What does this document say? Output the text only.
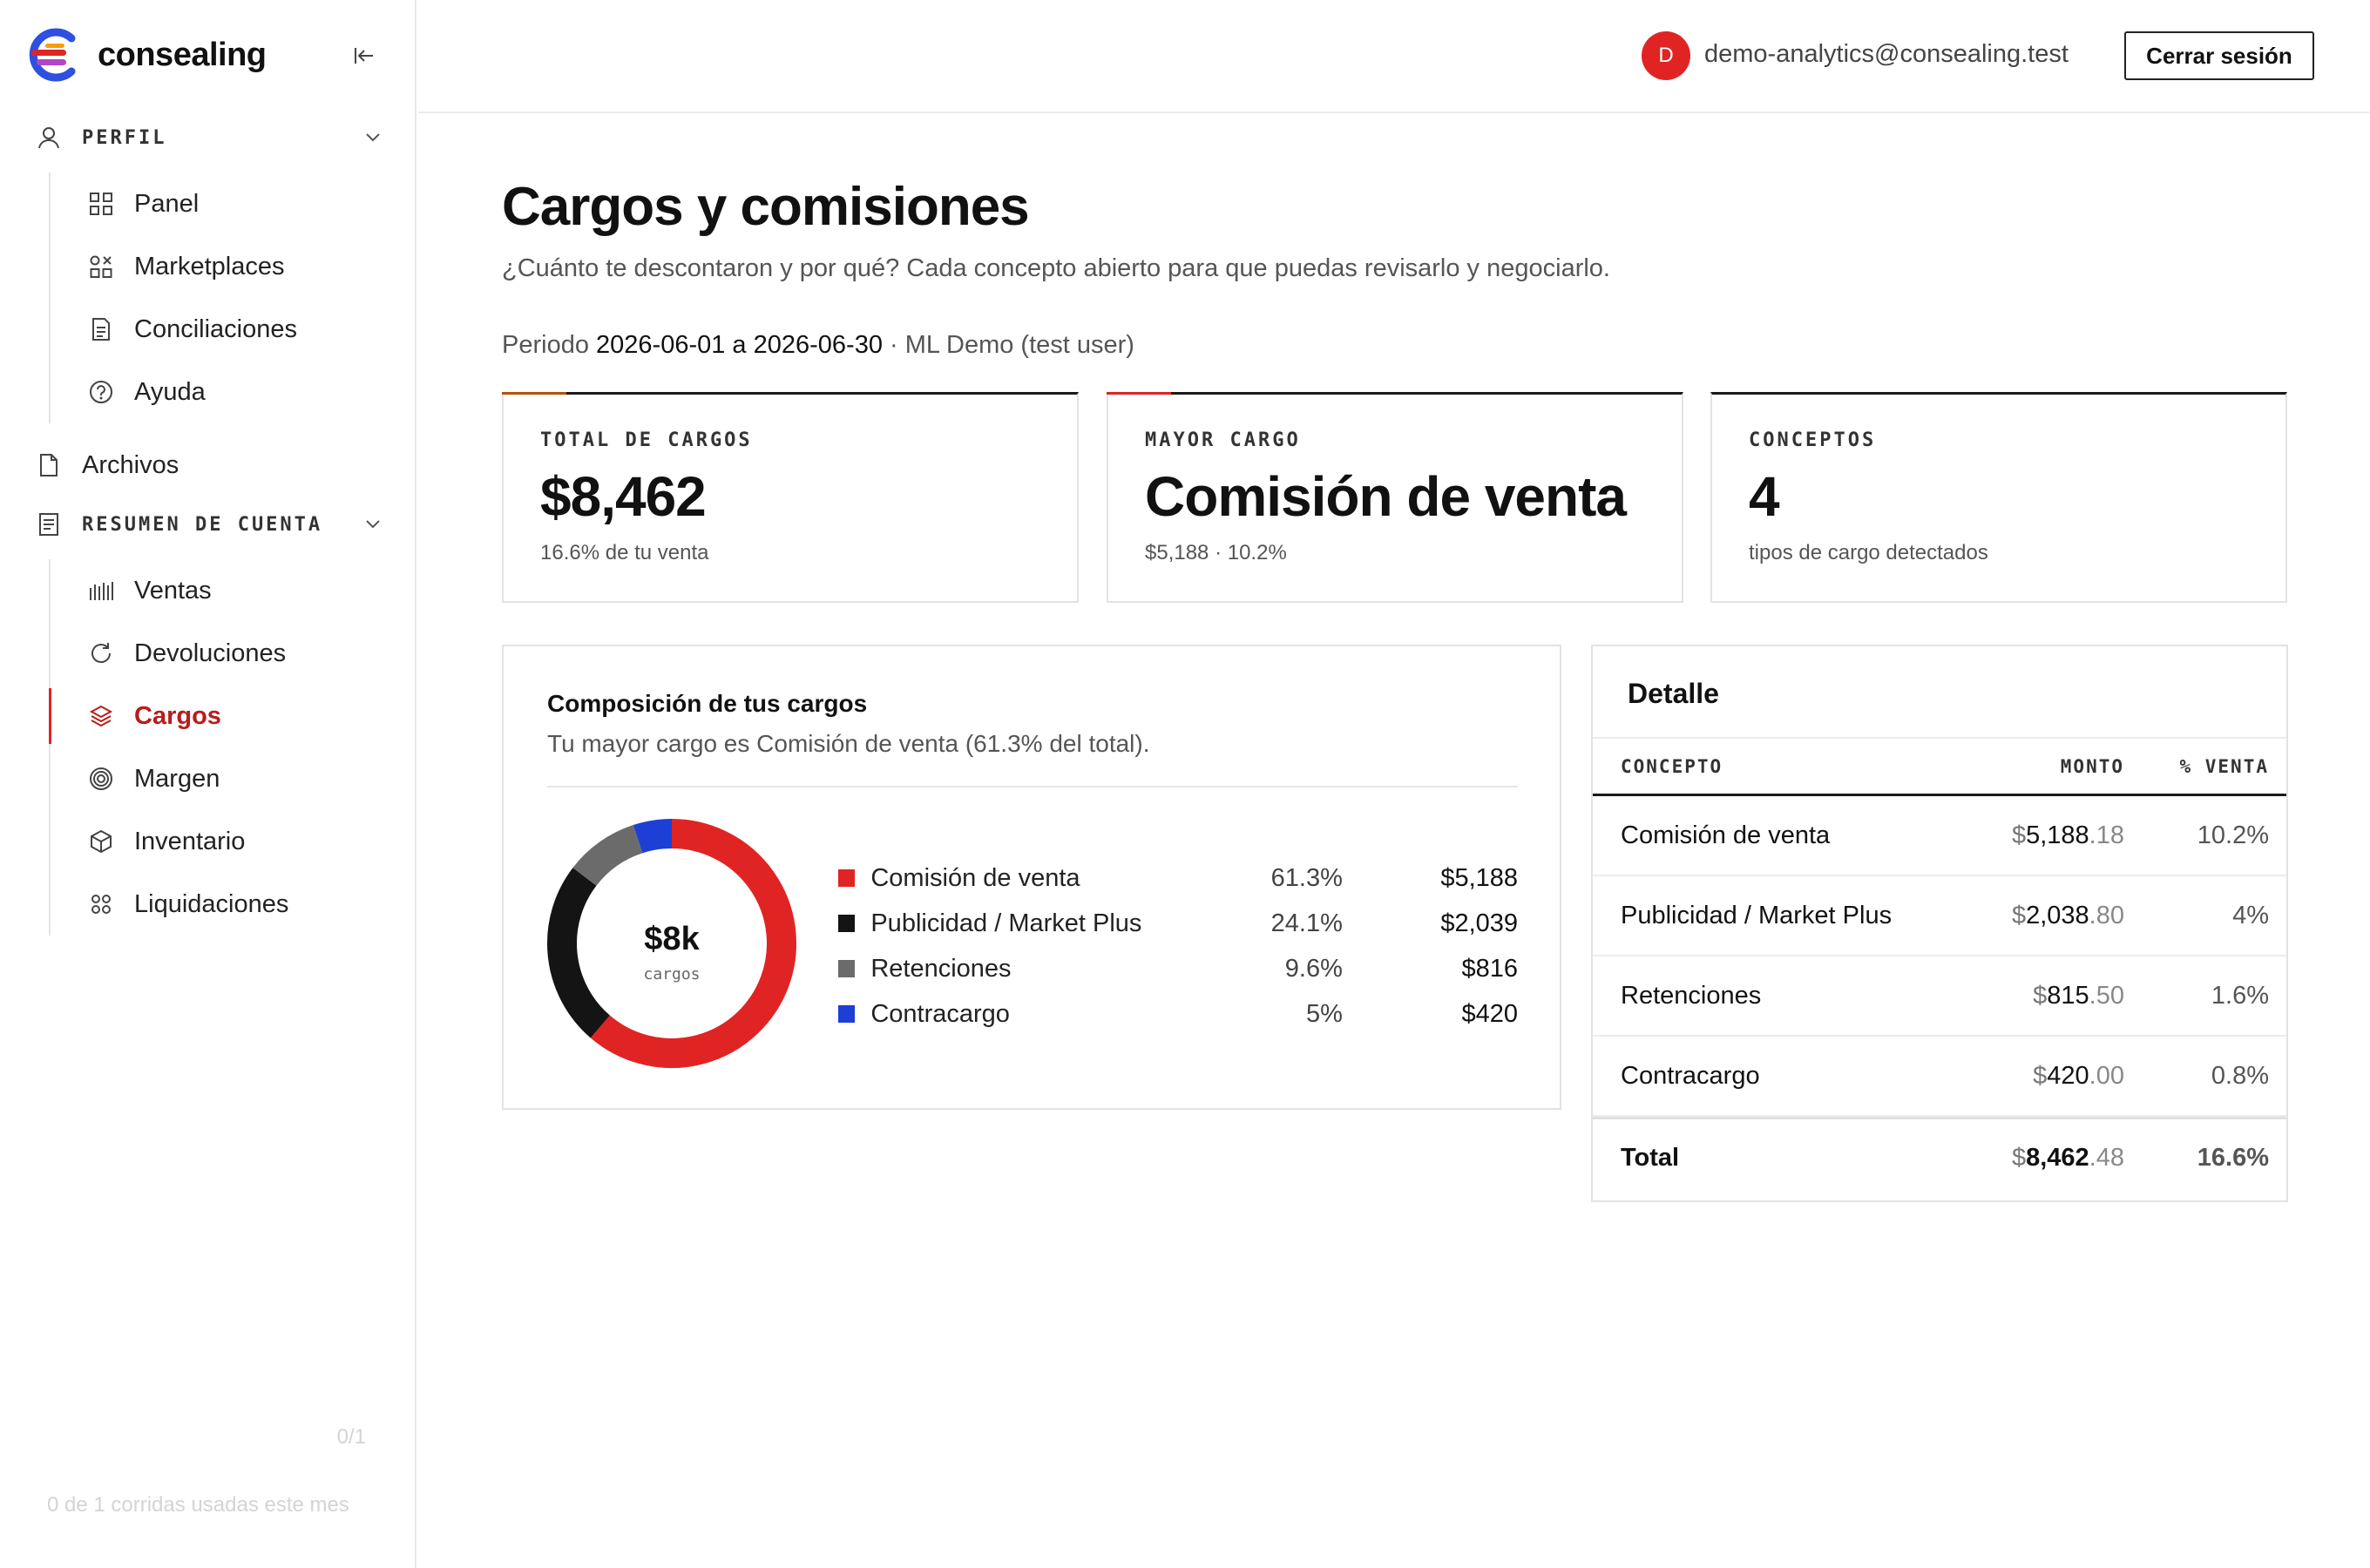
consealing
PERFIL
Panel
Marketplaces
Conciliaciones
Ayuda
Archivos
RESUMEN DE CUENTA
Ventas
Devoluciones
Cargos
Margen
Inventario
Liquidaciones
0/1
0 de 1 corridas usadas este mes
D	demo-analytics@consealing.test	Cerrar sesión
Cargos y comisiones

¿Cuánto te descontaron y por qué? Cada concepto abierto para que puedas revisarlo y negociarlo.

Periodo 2026-06-01 a 2026-06-30 · ML Demo (test user)
TOTAL DE CARGOS
$8,462
16.6% de tu venta
MAYOR CARGO
Comisión de venta
$5,188 · 10.2%
CONCEPTOS
4
tipos de cargo detectados
Composición de tus cargos
Tu mayor cargo es Comisión de venta (61.3% del total).
$8k
cargos
Comisión de venta	61.3%	$5,188
Publicidad / Market Plus	24.1%	$2,039
Retenciones	9.6%	$816
Contracargo	5%	$420
Detalle
CONCEPTO	MONTO	% VENTA
Comisión de venta	$5,188.18	10.2%
Publicidad / Market Plus	$2,038.80	4%
Retenciones	$815.50	1.6%
Contracargo	$420.00	0.8%
Total	$8,462.48	16.6%
